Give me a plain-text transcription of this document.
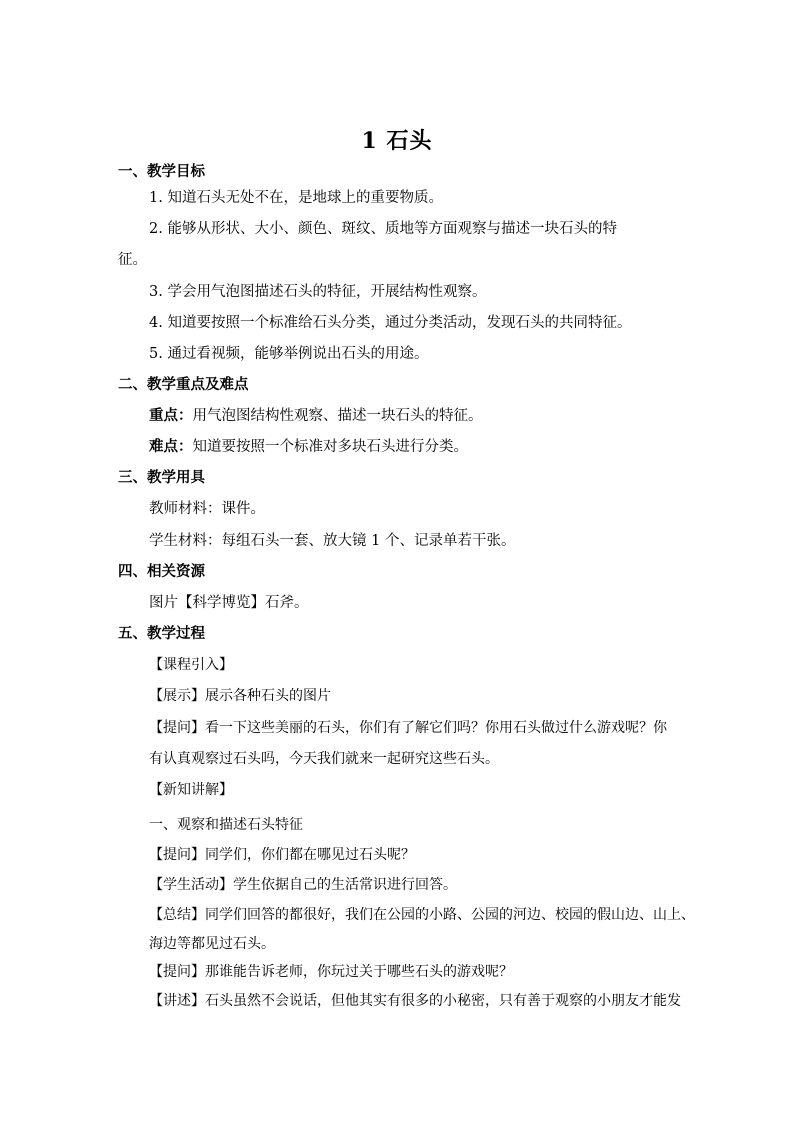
1 石头
一、教学目标
1. 知道石头无处不在，是地球上的重要物质。
2. 能够从形状、大小、颜色、斑纹、质地等方面观察与描述一块石头的特
征。
3. 学会用气泡图描述石头的特征，开展结构性观察。
4. 知道要按照一个标准给石头分类，通过分类活动，发现石头的共同特征。
5. 通过看视频，能够举例说出石头的用途。
二、教学重点及难点
重点：用气泡图结构性观察、描述一块石头的特征。
难点：知道要按照一个标准对多块石头进行分类。
三、教学用具
教师材料：课件。
学生材料：每组石头一套、放大镜 1 个、记录单若干张。
四、相关资源
图片【科学博览】石斧。
五、教学过程
【课程引入】
【展示】展示各种石头的图片
【提问】看一下这些美丽的石头，你们有了解它们吗？你用石头做过什么游戏呢？你
有认真观察过石头吗，今天我们就来一起研究这些石头。
【新知讲解】
一、观察和描述石头特征
【提问】同学们，你们都在哪见过石头呢？
【学生活动】学生依据自己的生活常识进行回答。
【总结】同学们回答的都很好，我们在公园的小路、公园的河边、校园的假山边、山上、
海边等都见过石头。
【提问】那谁能告诉老师，你玩过关于哪些石头的游戏呢？
【讲述】石头虽然不会说话，但他其实有很多的小秘密，只有善于观察的小朋友才能发
